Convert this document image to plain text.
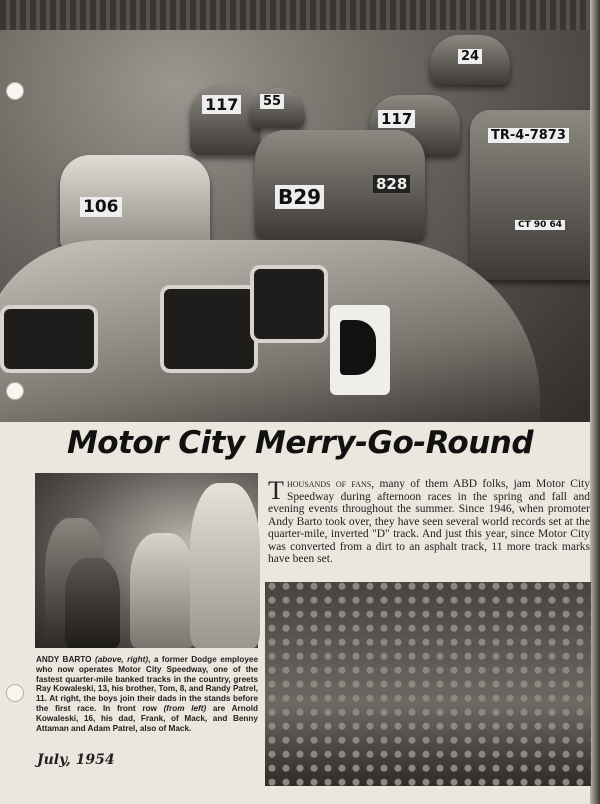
117 55
117
24
106	B29
828
TR-4-7873
CT 90 64
Motor City Merry-Go-Round
Thousands of fans, many of them ABD folks, jam Motor City Speedway during afternoon races in the spring and fall and evening events throughout the summer. Since 1946, when promoter Andy Barto took over, they have seen several world records set at the quarter-mile, inverted "D" track. And just this year, since Motor City was converted from a dirt to an asphalt track, 11 more track marks have been set.
ANDY BARTO (above, right), a former Dodge employee who now operates Motor City Speedway, one of the fastest quarter-mile banked tracks in the country, greets Ray Kowaleski, 13, his brother, Tom, 8, and Randy Patrel, 11. At right, the boys join their dads in the stands before the first race. In front row (from left) are Arnold Kowaleski, 16, his dad, Frank, of Mack, and Benny Attaman and Adam Patrel, also of Mack.
July, 1954
